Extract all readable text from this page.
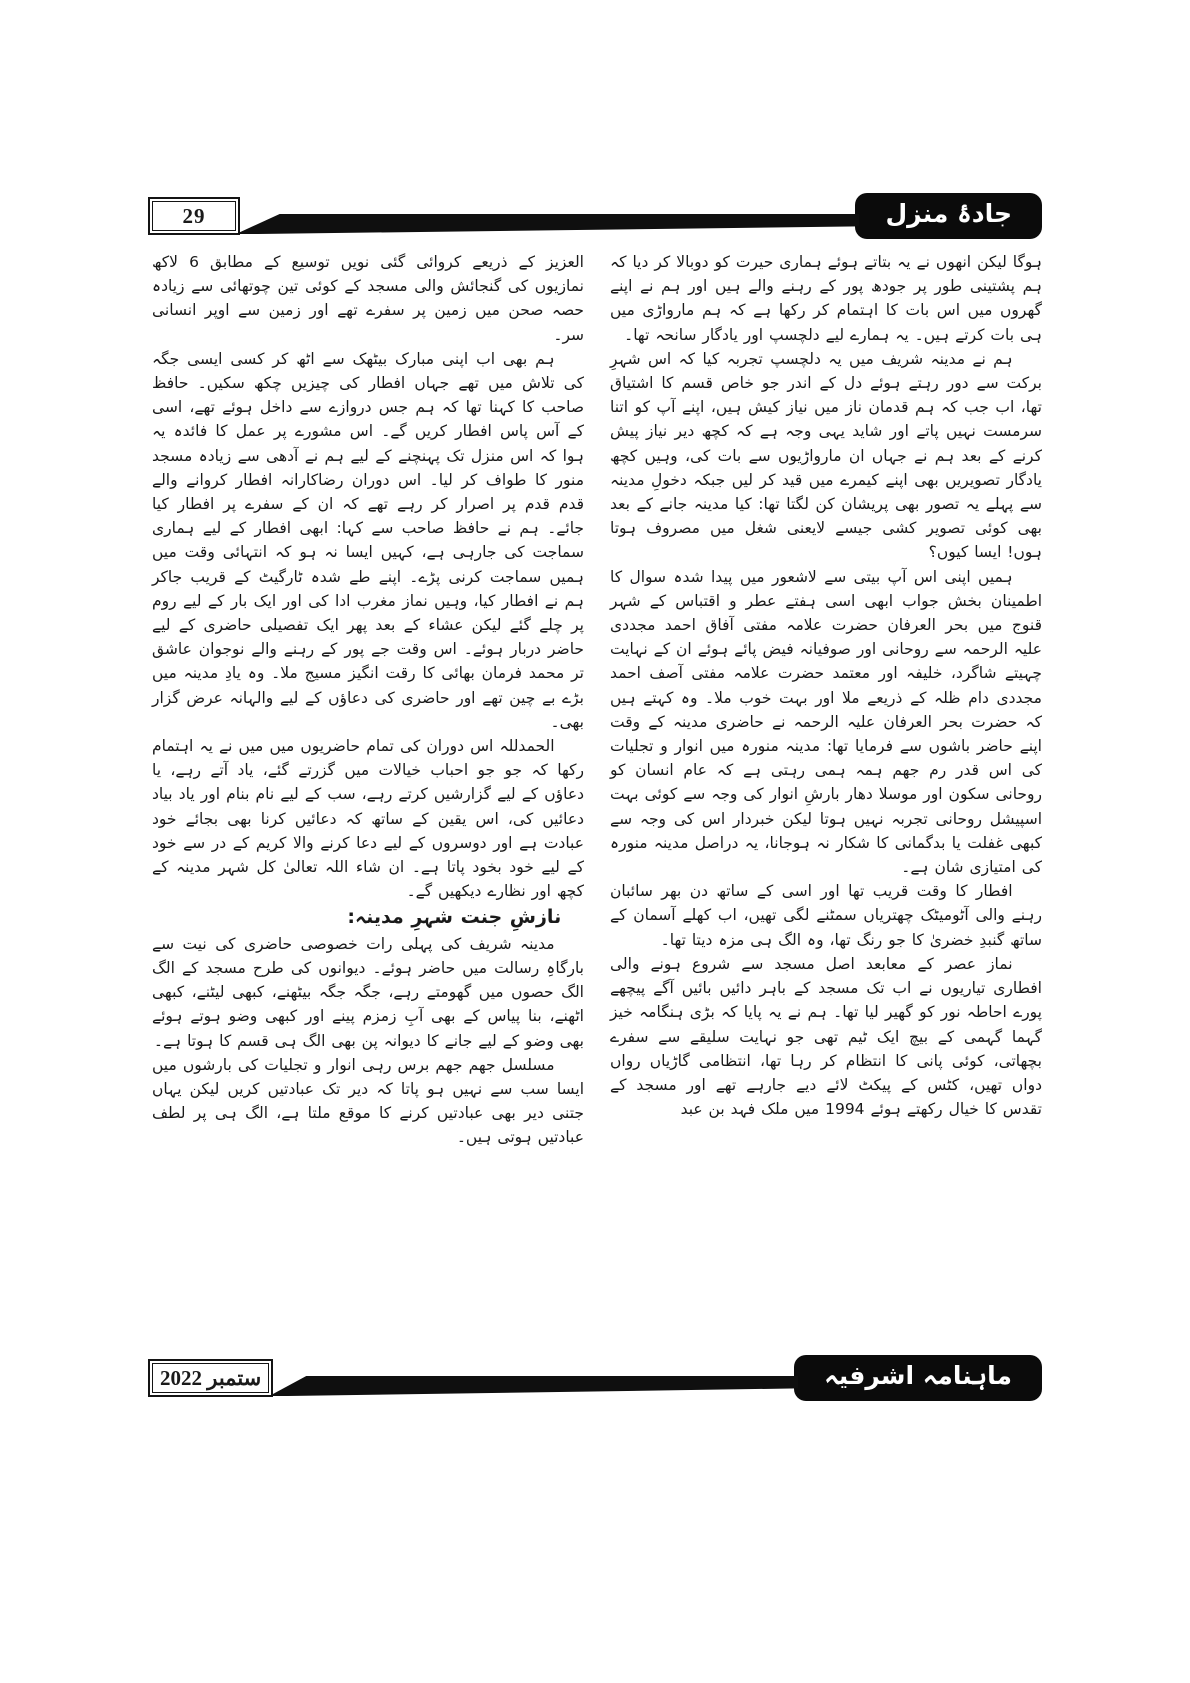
29	جادۂ منزل

ہوگا لیکن انھوں نے یہ بتاتے ہوئے ہماری حیرت کو دوبالا کر دیا کہ ہم پشتینی طور پر جودھ پور کے رہنے والے ہیں اور ہم نے اپنے گھروں میں اس بات کا اہتمام کر رکھا ہے کہ ہم مارواڑی میں ہی بات کرتے ہیں۔ یہ ہمارے لیے دلچسپ اور یادگار سانحہ تھا۔

ہم نے مدینہ شریف میں یہ دلچسپ تجربہ کیا کہ اس شہرِ برکت سے دور رہتے ہوئے دل کے اندر جو خاص قسم کا اشتیاق تھا، اب جب کہ ہم قدمان ناز میں نیاز کیش ہیں، اپنے آپ کو اتنا سرمست نہیں پاتے اور شاید یہی وجہ ہے کہ کچھ دیر نیاز پیش کرنے کے بعد ہم نے جہاں ان مارواڑیوں سے بات کی، وہیں کچھ یادگار تصویریں بھی اپنے کیمرے میں قید کر لیں جبکہ دخولِ مدینہ سے پہلے یہ تصور بھی پریشان کن لگتا تھا: کیا مدینہ جانے کے بعد بھی کوئی تصویر کشی جیسے لایعنی شغل میں مصروف ہوتا ہوں! ایسا کیوں؟

ہمیں اپنی اس آپ بیتی سے لاشعور میں پیدا شدہ سوال کا اطمینان بخش جواب ابھی اسی ہفتے عطر و اقتباس کے شہر قنوج میں بحر العرفان حضرت علامہ مفتی آفاق احمد مجددی علیہ الرحمہ سے روحانی اور صوفیانہ فیض پائے ہوئے ان کے نہایت چہیتے شاگرد، خلیفہ اور معتمد حضرت علامہ مفتی آصف احمد مجددی دام ظلہ کے ذریعے ملا اور بہت خوب ملا۔ وہ کہتے ہیں کہ حضرت بحر العرفان علیہ الرحمہ نے حاضری مدینہ کے وقت اپنے حاضر باشوں سے فرمایا تھا: مدینہ منورہ میں انوار و تجلیات کی اس قدر رم جھم ہمہ ہمی رہتی ہے کہ عام انسان کو روحانی سکون اور موسلا دھار بارشِ انوار کی وجہ سے کوئی بہت اسپیشل روحانی تجربہ نہیں ہوتا لیکن خبردار اس کی وجہ سے کبھی غفلت یا بدگمانی کا شکار نہ ہوجانا، یہ دراصل مدینہ منورہ کی امتیازی شان ہے۔

افطار کا وقت قریب تھا اور اسی کے ساتھ دن بھر سائبان رہنے والی آٹومیٹک چھتریاں سمٹنے لگی تھیں، اب کھلے آسمان کے ساتھ گنبدِ خضریٰ کا جو رنگ تھا، وہ الگ ہی مزہ دیتا تھا۔

نماز عصر کے معابعد اصل مسجد سے شروع ہونے والی افطاری تیاریوں نے اب تک مسجد کے باہر دائیں بائیں آگے پیچھے پورے احاطہ نور کو گھیر لیا تھا۔ ہم نے یہ پایا کہ بڑی ہنگامہ خیز گہما گہمی کے بیچ ایک ٹیم تھی جو نہایت سلیقے سے سفرے بچھاتی، کوئی پانی کا انتظام کر رہا تھا، انتظامی گاڑیاں رواں دواں تھیں، کٹس کے پیکٹ لائے دیے جارہے تھے اور مسجد کے تقدس کا خیال رکھتے ہوئے 1994 میں ملک فہد بن عبد

العزیز کے ذریعے کروائی گئی نویں توسیع کے مطابق 6 لاکھ نمازیوں کی گنجائش والی مسجد کے کوئی تین چوتھائی سے زیادہ حصہ صحن میں زمین پر سفرے تھے اور زمین سے اوپر انسانی سر۔

ہم بھی اب اپنی مبارک بیٹھک سے اٹھ کر کسی ایسی جگہ کی تلاش میں تھے جہاں افطار کی چیزیں چکھ سکیں۔ حافظ صاحب کا کہنا تھا کہ ہم جس دروازے سے داخل ہوئے تھے، اسی کے آس پاس افطار کریں گے۔ اس مشورے پر عمل کا فائدہ یہ ہوا کہ اس منزل تک پہنچنے کے لیے ہم نے آدھی سے زیادہ مسجد منور کا طواف کر لیا۔ اس دوران رضاکارانہ افطار کروانے والے قدم قدم پر اصرار کر رہے تھے کہ ان کے سفرے پر افطار کیا جائے۔ ہم نے حافظ صاحب سے کہا: ابھی افطار کے لیے ہماری سماجت کی جارہی ہے، کہیں ایسا نہ ہو کہ انتہائی وقت میں ہمیں سماجت کرنی پڑے۔ اپنے طے شدہ ٹارگیٹ کے قریب جاکر ہم نے افطار کیا، وہیں نماز مغرب ادا کی اور ایک بار کے لیے روم پر چلے گئے لیکن عشاء کے بعد پھر ایک تفصیلی حاضری کے لیے حاضر دربار ہوئے۔ اس وقت جے پور کے رہنے والے نوجوان عاشق تر محمد فرمان بھائی کا رقت انگیز مسیج ملا۔ وہ یادِ مدینہ میں بڑے بے چین تھے اور حاضری کی دعاؤں کے لیے والہانہ عرض گزار بھی۔

الحمدللہ اس دوران کی تمام حاضریوں میں میں نے یہ اہتمام رکھا کہ جو جو احباب خیالات میں گزرتے گئے، یاد آتے رہے، یا دعاؤں کے لیے گزارشیں کرتے رہے، سب کے لیے نام بنام اور یاد بیاد دعائیں کی، اس یقین کے ساتھ کہ دعائیں کرنا بھی بجائے خود عبادت ہے اور دوسروں کے لیے دعا کرنے والا کریم کے در سے خود کے لیے خود بخود پاتا ہے۔ ان شاء اللہ تعالیٰ کل شہر مدینہ کے کچھ اور نظارے دیکھیں گے۔

نازشِ جنت شہرِ مدینہ:

مدینہ شریف کی پہلی رات خصوصی حاضری کی نیت سے بارگاہِ رسالت میں حاضر ہوئے۔ دیوانوں کی طرح مسجد کے الگ الگ حصوں میں گھومتے رہے، جگہ جگہ بیٹھنے، کبھی لیٹنے، کبھی اٹھنے، بنا پیاس کے بھی آبِ زمزم پینے اور کبھی وضو ہوتے ہوئے بھی وضو کے لیے جانے کا دیوانہ پن بھی الگ ہی قسم کا ہوتا ہے۔

مسلسل جھم جھم برس رہی انوار و تجلیات کی بارشوں میں ایسا سب سے نہیں ہو پاتا کہ دیر تک عبادتیں کریں لیکن یہاں جتنی دیر بھی عبادتیں کرنے کا موقع ملتا ہے، الگ ہی پر لطف عبادتیں ہوتی ہیں۔

ستمبر 2022	ماہنامہ اشرفیہ
